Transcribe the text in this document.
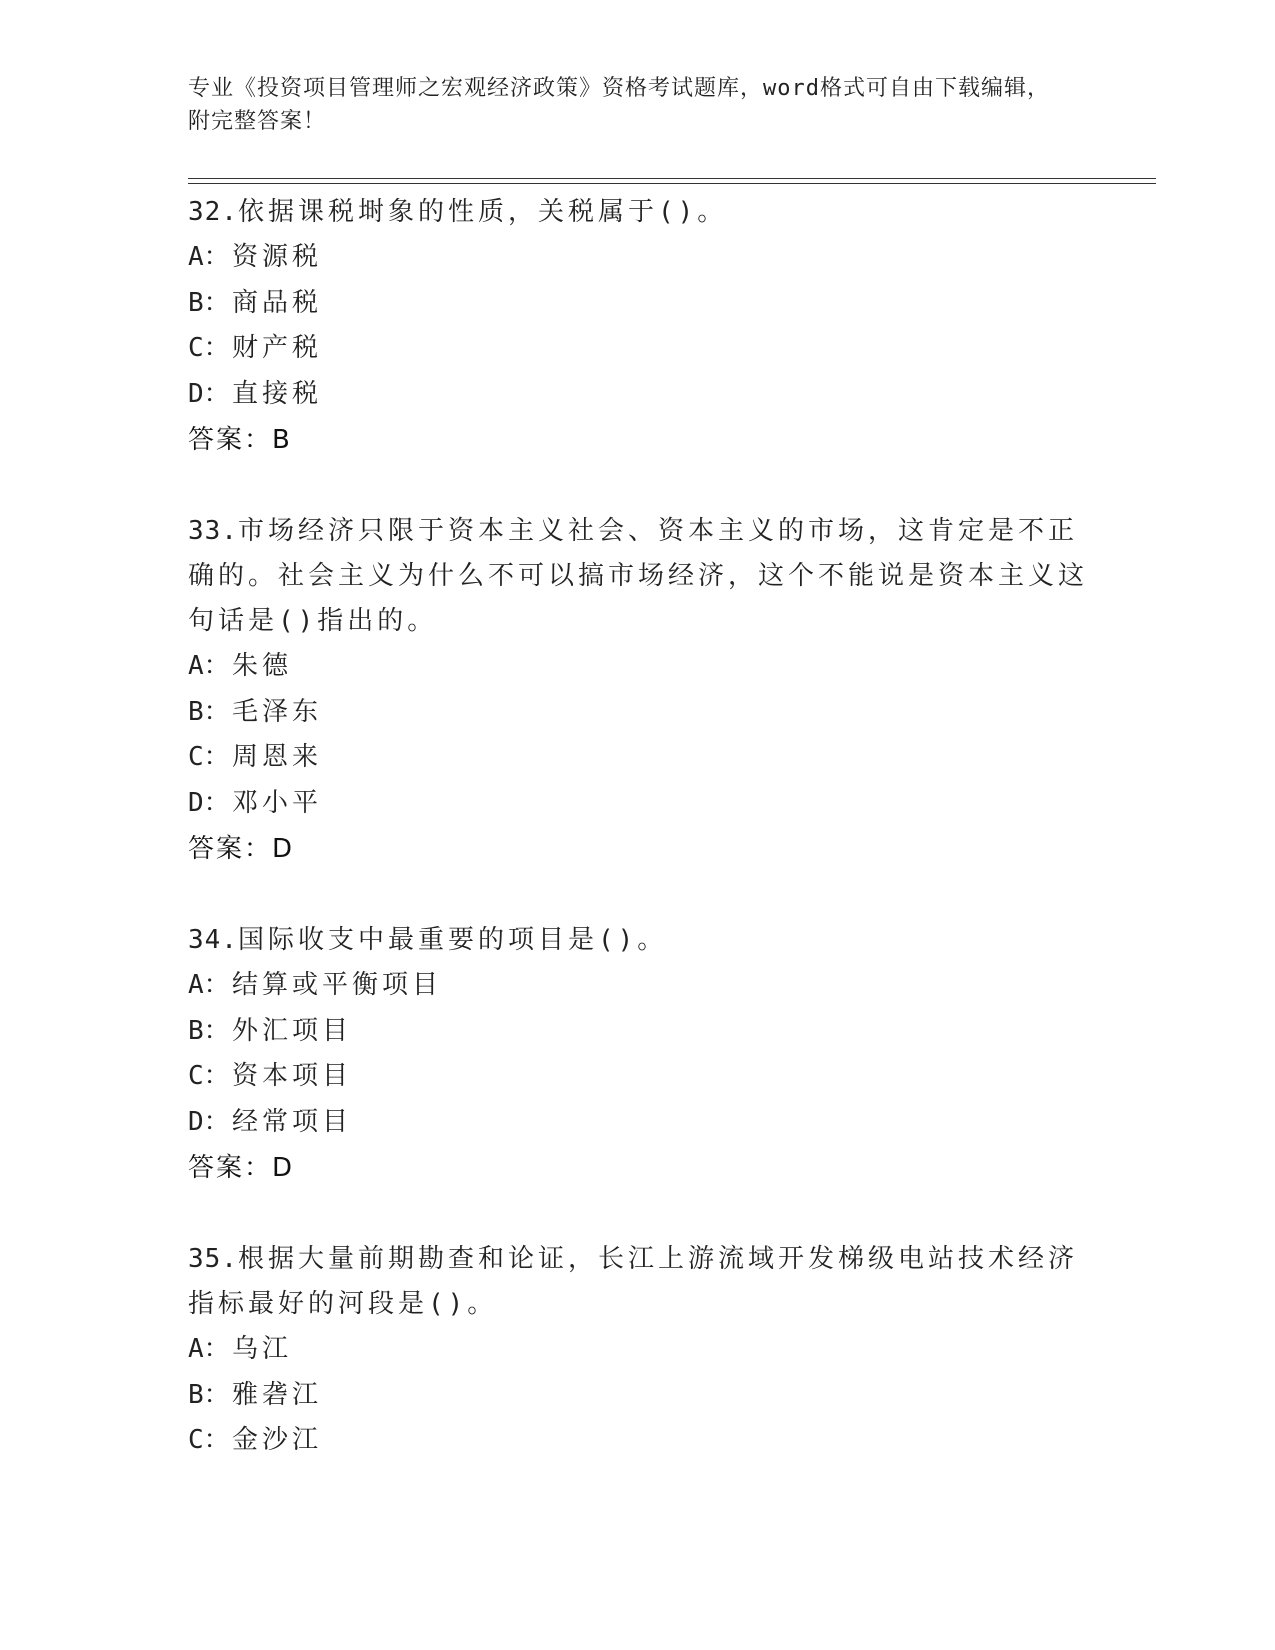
专业《投资项目管理师之宏观经济政策》资格考试题库，word格式可自由下载编辑，附完整答案！

32.依据课税埘象的性质，关税属于()。

A：资源税
B：商品税
C：财产税
D：直接税
答案：B

33.市场经济只限于资本主义社会、资本主义的市场，这肯定是不正确的。社会主义为什么不可以搞市场经济，这个不能说是资本主义这句话是()指出的。

A：朱德
B：毛泽东
C：周恩来
D：邓小平
答案：D

34.国际收支中最重要的项目是()。

A：结算或平衡项目
B：外汇项目
C：资本项目
D：经常项目
答案：D

35.根据大量前期勘查和论证，长江上游流域开发梯级电站技术经济指标最好的河段是()。

A：乌江
B：雅砻江
C：金沙江
